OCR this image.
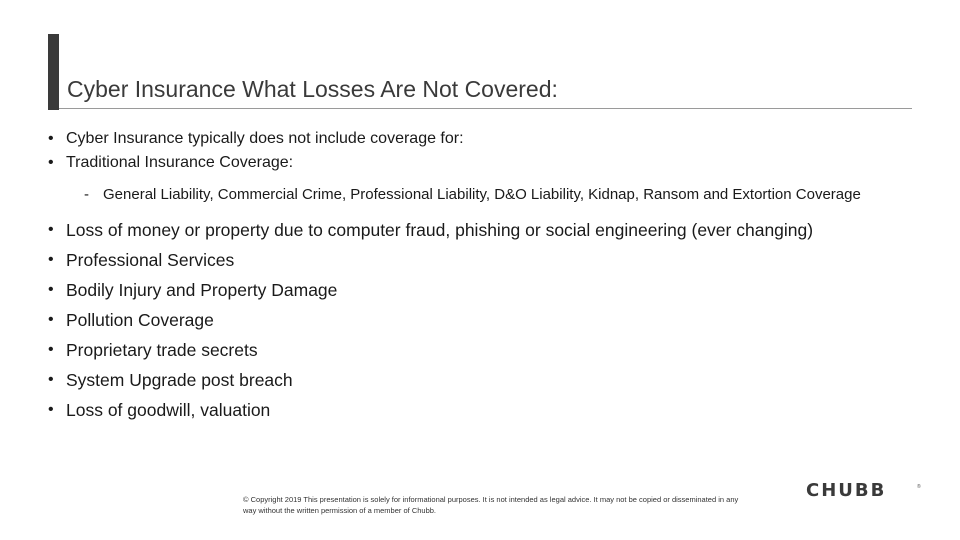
Cyber Insurance What Losses Are Not Covered:
• Cyber Insurance typically does not include coverage for:
• Traditional Insurance Coverage:
- General Liability, Commercial Crime, Professional Liability, D&O Liability, Kidnap, Ransom and Extortion Coverage
• Loss of money or property due to computer fraud, phishing or social engineering (ever changing)
• Professional Services
• Bodily Injury and Property Damage
• Pollution Coverage
• Proprietary trade secrets
• System Upgrade post breach
• Loss of goodwill, valuation
© Copyright 2019 This presentation is solely for informational purposes. It is not intended as legal advice. It may not be copied or disseminated in any way without the written permission of a member of Chubb.
CHUBB	®
